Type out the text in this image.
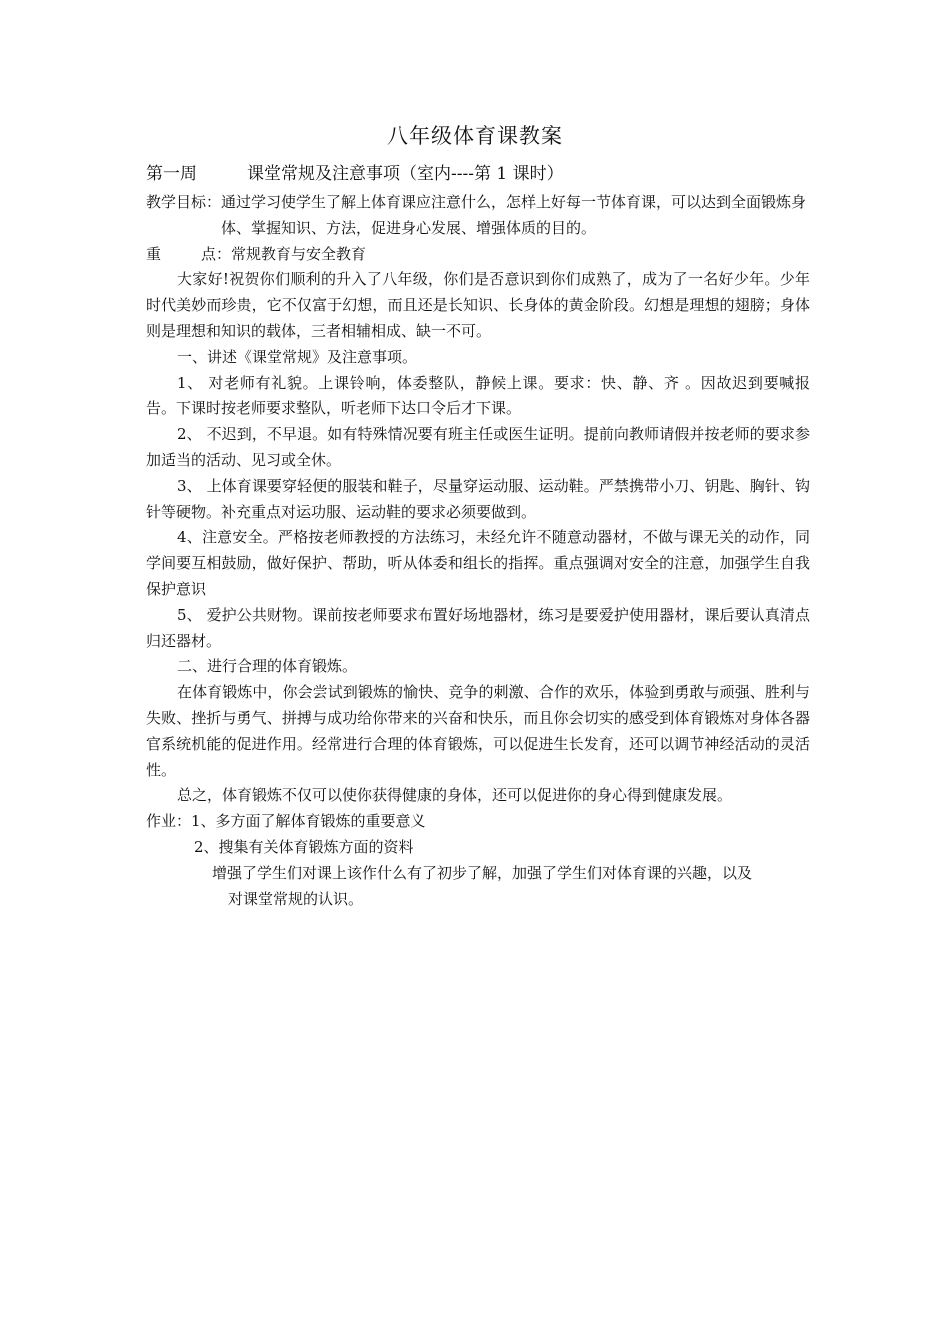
八年级体育课教案
第一周	课堂常规及注意事项（室内----第 1 课时）
教学目标： 通过学习使学生了解上体育课应注意什么，怎样上好每一节体育课，可以达到全面锻炼身体、掌握知识、方法，促进身心发展、增强体质的目的。

重	点：常规教育与安全教育

大家好!祝贺你们顺利的升入了八年级，你们是否意识到你们成熟了，成为了一名好少年。少年时代美妙而珍贵，它不仅富于幻想，而且还是长知识、长身体的黄金阶段。幻想是理想的翅膀；身体则是理想和知识的载体，三者相辅相成、缺一不可。

一、讲述《课堂常规》及注意事项。

1、 对老师有礼貌。上课铃响，体委整队，静候上课。要求：快、静、齐 。因故迟到要喊报告。下课时按老师要求整队，听老师下达口令后才下课。

2、 不迟到，不早退。如有特殊情况要有班主任或医生证明。提前向教师请假并按老师的要求参加适当的活动、见习或全休。

3、 上体育课要穿轻便的服装和鞋子，尽量穿运动服、运动鞋。严禁携带小刀、钥匙、胸针、钩针等硬物。补充重点对运功服、运动鞋的要求必须要做到。

4、注意安全。严格按老师教授的方法练习，未经允许不随意动器材，不做与课无关的动作，同学间要互相鼓励，做好保护、帮助，听从体委和组长的指挥。重点强调对安全的注意，加强学生自我保护意识

5、 爱护公共财物。课前按老师要求布置好场地器材，练习是要爱护使用器材，课后要认真清点归还器材。

二、进行合理的体育锻炼。

在体育锻炼中，你会尝试到锻炼的愉快、竞争的刺激、合作的欢乐，体验到勇敢与顽强、胜利与失败、挫折与勇气、拼搏与成功给你带来的兴奋和快乐，而且你会切实的感受到体育锻炼对身体各器官系统机能的促进作用。经常进行合理的体育锻炼，可以促进生长发育，还可以调节神经活动的灵活性。

总之，体育锻炼不仅可以使你获得健康的身体，还可以促进你的身心得到健康发展。

作业：1、多方面了解体育锻炼的重要意义

2、搜集有关体育锻炼方面的资料

增强了学生们对课上该作什么有了初步了解，加强了学生们对体育课的兴趣，以及
对课堂常规的认识。
